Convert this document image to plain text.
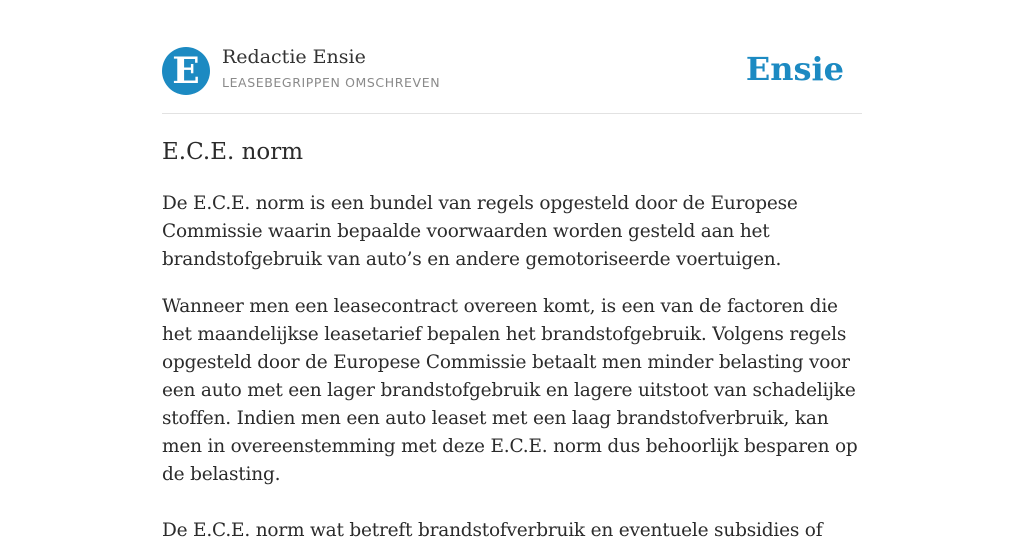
E	Redactie Ensie
LEASEBEGRIPPEN OMSCHREVEN	Ensie
E.C.E. norm

De E.C.E. norm is een bundel van regels opgesteld door de Europese Commissie waarin bepaalde voorwaarden worden gesteld aan het brandstofgebruik van auto’s en andere gemotoriseerde voertuigen.

Wanneer men een leasecontract overeen komt, is een van de factoren die het maandelijkse leasetarief bepalen het brandstofgebruik. Volgens regels opgesteld door de Europese Commissie betaalt men minder belasting voor een auto met een lager brandstofgebruik en lagere uitstoot van schadelijke stoffen. Indien men een auto leaset met een laag brandstofverbruik, kan men in overeenstemming met deze E.C.E. norm dus behoorlijk besparen op de belasting.

De E.C.E. norm wat betreft brandstofverbruik en eventuele subsidies of
